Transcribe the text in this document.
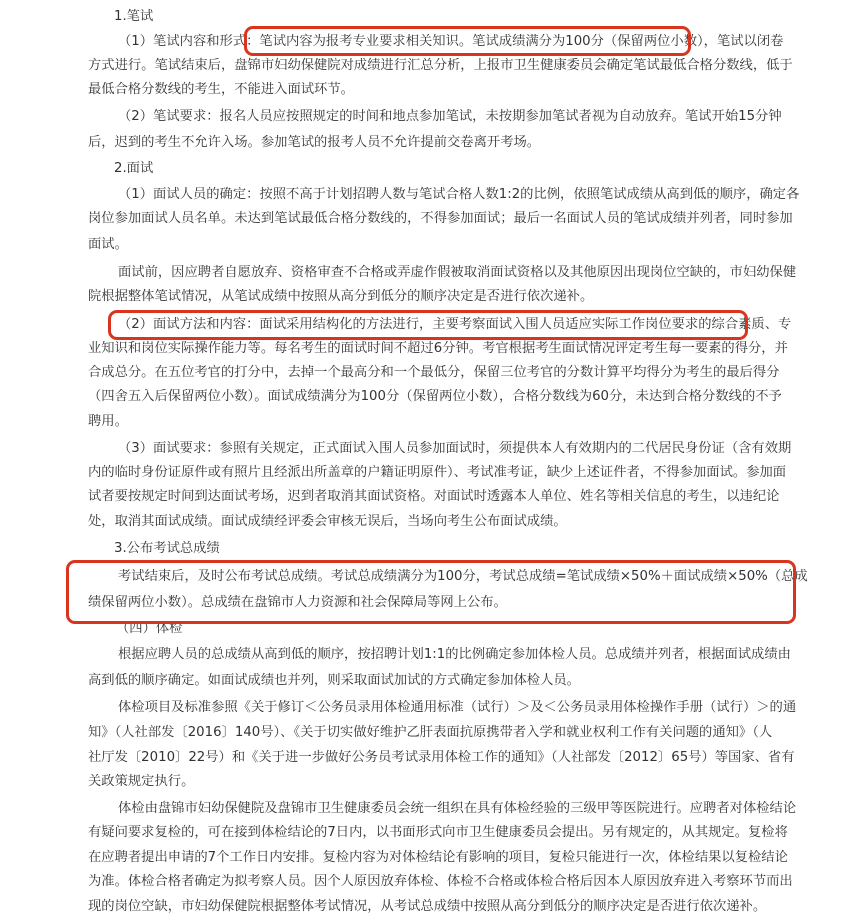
1.笔试
（1）笔试内容和形式：笔试内容为报考专业要求相关知识。笔试成绩满分为100分（保留两位小数），笔试以闭卷
方式进行。笔试结束后，盘锦市妇幼保健院对成绩进行汇总分析，上报市卫生健康委员会确定笔试最低合格分数线，低于
最低合格分数线的考生，不能进入面试环节。
（2）笔试要求：报名人员应按照规定的时间和地点参加笔试，未按期参加笔试者视为自动放弃。笔试开始15分钟
后，迟到的考生不允许入场。参加笔试的报考人员不允许提前交卷离开考场。
2.面试
（1）面试人员的确定：按照不高于计划招聘人数与笔试合格人数1:2的比例，依照笔试成绩从高到低的顺序，确定各
岗位参加面试人员名单。未达到笔试最低合格分数线的，不得参加面试；最后一名面试人员的笔试成绩并列者，同时参加
面试。
面试前，因应聘者自愿放弃、资格审查不合格或弄虚作假被取消面试资格以及其他原因出现岗位空缺的，市妇幼保健
院根据整体笔试情况，从笔试成绩中按照从高分到低分的顺序决定是否进行依次递补。
（2）面试方法和内容：面试采用结构化的方法进行，主要考察面试入围人员适应实际工作岗位要求的综合素质、专
业知识和岗位实际操作能力等。每名考生的面试时间不超过6分钟。考官根据考生面试情况评定考生每一要素的得分，并
合成总分。在五位考官的打分中，去掉一个最高分和一个最低分，保留三位考官的分数计算平均得分为考生的最后得分
（四舍五入后保留两位小数）。面试成绩满分为100分（保留两位小数），合格分数线为60分，未达到合格分数线的不予
聘用。
（3）面试要求：参照有关规定，正式面试入围人员参加面试时，须提供本人有效期内的二代居民身份证（含有效期
内的临时身份证原件或有照片且经派出所盖章的户籍证明原件）、考试准考证，缺少上述证件者，不得参加面试。参加面
试者要按规定时间到达面试考场，迟到者取消其面试资格。对面试时透露本人单位、姓名等相关信息的考生，以违纪论
处，取消其面试成绩。面试成绩经评委会审核无误后，当场向考生公布面试成绩。
3.公布考试总成绩
考试结束后，及时公布考试总成绩。考试总成绩满分为100分，考试总成绩=笔试成绩×50%＋面试成绩×50%（总成
绩保留两位小数）。总成绩在盘锦市人力资源和社会保障局等网上公布。
（四）体检
根据应聘人员的总成绩从高到低的顺序，按招聘计划1:1的比例确定参加体检人员。总成绩并列者，根据面试成绩由
高到低的顺序确定。如面试成绩也并列，则采取面试加试的方式确定参加体检人员。
体检项目及标准参照《关于修订＜公务员录用体检通用标准（试行）＞及＜公务员录用体检操作手册（试行）＞的通
知》（人社部发〔2016〕140号）、《关于切实做好维护乙肝表面抗原携带者入学和就业权利工作有关问题的通知》（人
社厅发〔2010〕22号）和《关于进一步做好公务员考试录用体检工作的通知》（人社部发〔2012〕65号）等国家、省有
关政策规定执行。
体检由盘锦市妇幼保健院及盘锦市卫生健康委员会统一组织在具有体检经验的三级甲等医院进行。应聘者对体检结论
有疑问要求复检的，可在接到体检结论的7日内，以书面形式向市卫生健康委员会提出。另有规定的，从其规定。复检将
在应聘者提出申请的7个工作日内安排。复检内容为对体检结论有影响的项目，复检只能进行一次，体检结果以复检结论
为准。体检合格者确定为拟考察人员。因个人原因放弃体检、体检不合格或体检合格后因本人原因放弃进入考察环节而出
现的岗位空缺，市妇幼保健院根据整体考试情况，从考试总成绩中按照从高分到低分的顺序决定是否进行依次递补。
